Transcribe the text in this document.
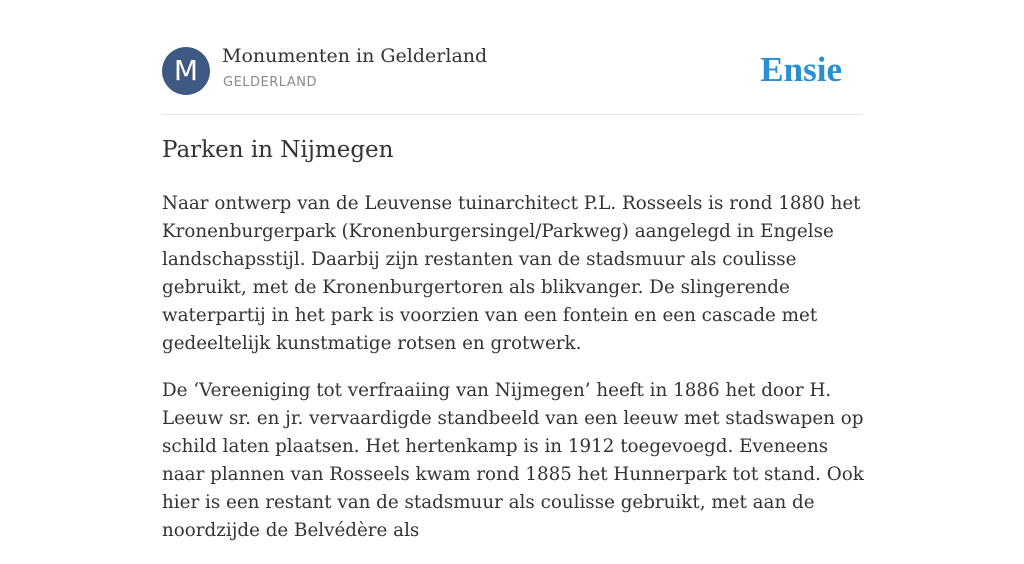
M	Monumenten in Gelderland
GELDERLAND	Ensie
Parken in Nijmegen

Naar ontwerp van de Leuvense tuinarchitect P.L. Rosseels is rond 1880 het Kronenburgerpark (Kronenburgersingel/Parkweg) aangelegd in Engelse landschapsstijl. Daarbij zijn restanten van de stadsmuur als coulisse gebruikt, met de Kronenburgertoren als blikvanger. De slingerende waterpartij in het park is voorzien van een fontein en een cascade met gedeeltelijk kunstmatige rotsen en grotwerk.

De ‘Vereeniging tot verfraaiing van Nijmegen’ heeft in 1886 het door H. Leeuw sr. en jr. vervaardigde standbeeld van een leeuw met stadswapen op schild laten plaatsen. Het hertenkamp is in 1912 toegevoegd. Eveneens naar plannen van Rosseels kwam rond 1885 het Hunnerpark tot stand. Ook hier is een restant van de stadsmuur als coulisse gebruikt, met aan de noordzijde de Belvédère als
